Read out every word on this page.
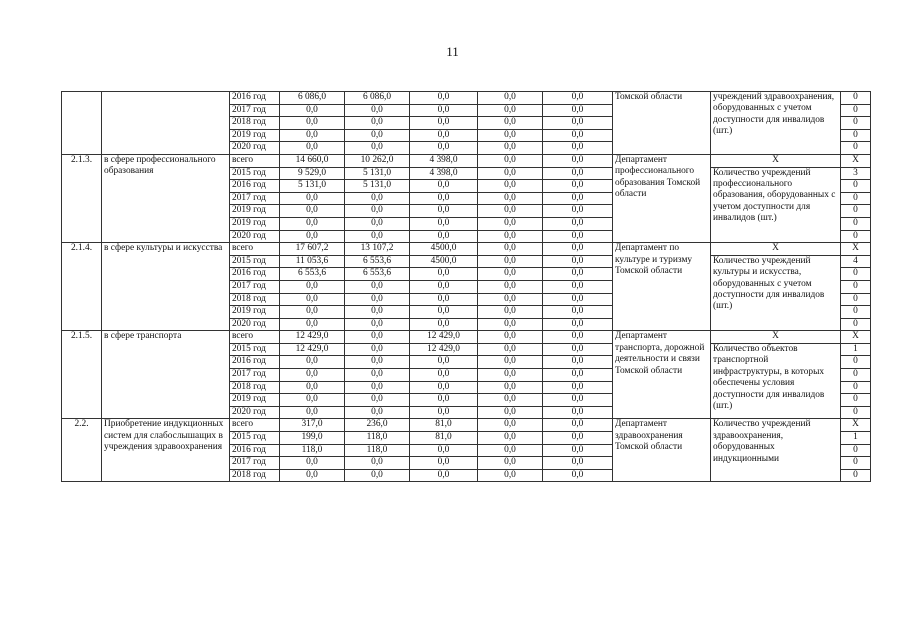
11
		2016 год	6 086,0	6 086,0	0,0	0,0	0,0	Томской области	учреждений здравоохранения, оборудованных с учетом доступности для инвалидов (шт.)	0
		2017 год	0,0	0,0	0,0	0,0	0,0			0
		2018 год	0,0	0,0	0,0	0,0	0,0			0
		2019 год	0,0	0,0	0,0	0,0	0,0			0
		2020 год	0,0	0,0	0,0	0,0	0,0			0
2.1.3.	в сфере профессионального образования	всего	14 660,0	10 262,0	4 398,0	0,0	0,0	Департамент профессионального образования Томской области	X	X
		2015 год	9 529,0	5 131,0	4 398,0	0,0	0,0		Количество учреждений профессионального образования, оборудованных с учетом доступности для инвалидов (шт.)	3
		2016 год	5 131,0	5 131,0	0,0	0,0	0,0			0
		2017 год	0,0	0,0	0,0	0,0	0,0			0
		2019 год	0,0	0,0	0,0	0,0	0,0			0
		2019 год	0,0	0,0	0,0	0,0	0,0			0
		2020 год	0,0	0,0	0,0	0,0	0,0			0
2.1.4.	в сфере культуры и искусства	всего	17 607,2	13 107,2	4500,0	0,0	0,0	Департамент по культуре и туризму Томской области	X	X
		2015 год	11 053,6	6 553,6	4500,0	0,0	0,0		Количество учреждений культуры и искусства, оборудованных с учетом доступности для инвалидов (шт.)	4
		2016 год	6 553,6	6 553,6	0,0	0,0	0,0			0
		2017 год	0,0	0,0	0,0	0,0	0,0			0
		2018 год	0,0	0,0	0,0	0,0	0,0			0
		2019 год	0,0	0,0	0,0	0,0	0,0			0
		2020 год	0,0	0,0	0,0	0,0	0,0			0
2.1.5.	в сфере транспорта	всего	12 429,0	0,0	12 429,0	0,0	0,0	Департамент транспорта, дорожной деятельности и связи Томской области	X	X
		2015 год	12 429,0	0,0	12 429,0	0,0	0,0		Количество объектов транспортной инфраструктуры, в которых обеспечены условия доступности для инвалидов (шт.)	1
		2016 год	0,0	0,0	0,0	0,0	0,0			0
		2017 год	0,0	0,0	0,0	0,0	0,0			0
		2018 год	0,0	0,0	0,0	0,0	0,0			0
		2019 год	0,0	0,0	0,0	0,0	0,0			0
		2020 год	0,0	0,0	0,0	0,0	0,0			0
2.2.	Приобретение индукционных систем для слабослышащих в учреждения здравоохранения	всего	317,0	236,0	81,0	0,0	0,0	Департамент здравоохранения Томской области	Количество учреждений здравоохранения, оборудованных индукционными	X
		2015 год	199,0	118,0	81,0	0,0	0,0			1
		2016 год	118,0	118,0	0,0	0,0	0,0			0
		2017 год	0,0	0,0	0,0	0,0	0,0			0
		2018 год	0,0	0,0	0,0	0,0	0,0			0
